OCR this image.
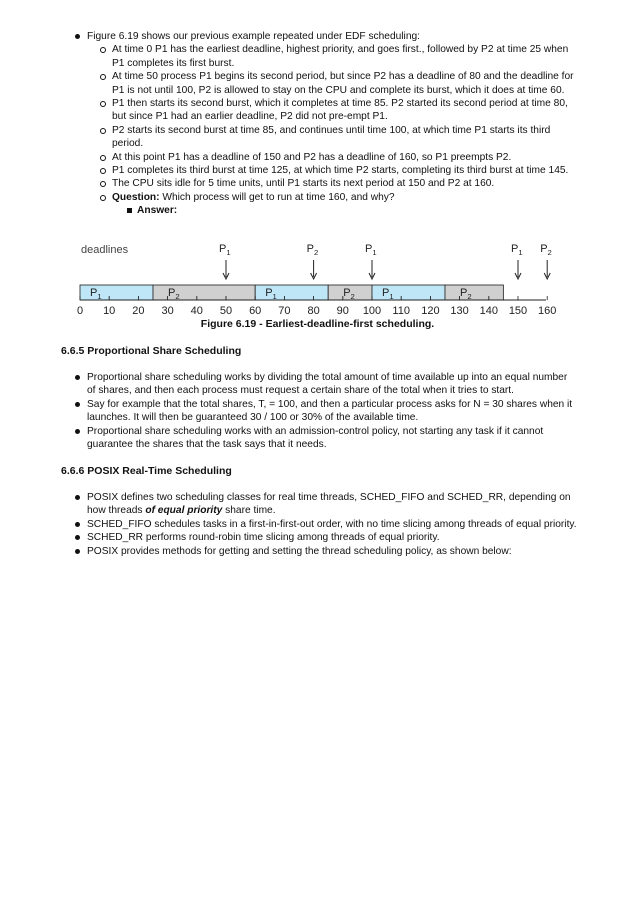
Figure 6.19 shows our previous example repeated under EDF scheduling:
At time 0 P1 has the earliest deadline, highest priority, and goes first., followed by P2 at time 25 when P1 completes its first burst.
At time 50 process P1 begins its second period, but since P2 has a deadline of 80 and the deadline for P1 is not until 100, P2 is allowed to stay on the CPU and complete its burst, which it does at time 60.
P1 then starts its second burst, which it completes at time 85. P2 started its second period at time 80, but since P1 had an earlier deadline, P2 did not pre-empt P1.
P2 starts its second burst at time 85, and continues until time 100, at which time P1 starts its third period.
At this point P1 has a deadline of 150 and P2 has a deadline of 160, so P1 preempts P2.
P1 completes its third burst at time 125, at which time P2 starts, completing its third burst at time 145.
The CPU sits idle for 5 time units, until P1 starts its next period at 150 and P2 at 160.
Question: Which process will get to run at time 160, and why?
Answer:
deadlines	$P_1$	$P_2$	$P_1$	$P_1$ $P_2$
$P_1$	$P_2$	$P_1$	$P_2$ $P_1$	$P_2$
0 10 20 30 40 50 60 70 80 90 100 110 120 130 140 150 160
Figure 6.19 - Earliest-deadline-first scheduling.
6.6.5 Proportional Share Scheduling
Proportional share scheduling works by dividing the total amount of time available up into an equal number of shares, and then each process must request a certain share of the total when it tries to start.
Say for example that the total shares, T, = 100, and then a particular process asks for N = 30 shares when it launches. It will then be guaranteed 30 / 100 or 30% of the available time.
Proportional share scheduling works with an admission-control policy, not starting any task if it cannot guarantee the shares that the task says that it needs.
6.6.6 POSIX Real-Time Scheduling
POSIX defines two scheduling classes for real time threads, SCHED_FIFO and SCHED_RR, depending on how threads of equal priority share time.
SCHED_FIFO schedules tasks in a first-in-first-out order, with no time slicing among threads of equal priority.
SCHED_RR performs round-robin time slicing among threads of equal priority.
POSIX provides methods for getting and setting the thread scheduling policy, as shown below:
